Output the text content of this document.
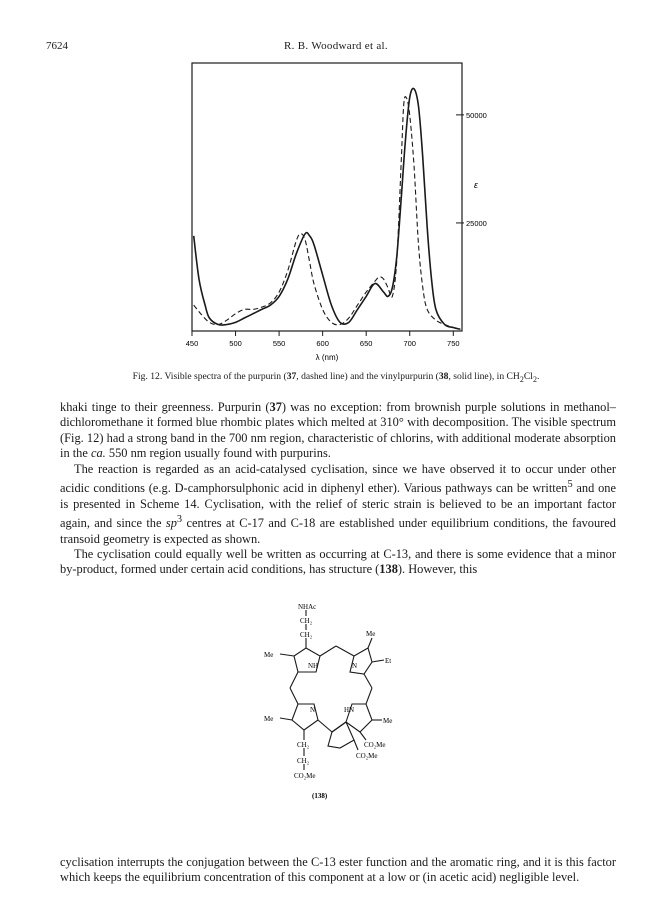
7624	R. B. Woodward et al.
450	500	550	600	650	700	750
50000
25000
λ (nm)
ε
Fig. 12. Visible spectra of the purpurin (37, dashed line) and the vinylpurpurin (38, solid line), in $CH_2Cl_2$.

khaki tinge to their greenness. Purpurin (37) was no exception: from brownish purple solutions in methanol–dichloromethane it formed blue rhombic plates which melted at 310° with decomposition. The visible spectrum (Fig. 12) had a strong band in the 700 nm region, characteristic of chlorins, with additional moderate absorption in the ca. 550 nm region usually found with purpurins.

The reaction is regarded as an acid-catalysed cyclisation, since we have observed it to occur under other acidic conditions (e.g. D-camphorsulphonic acid in diphenyl ether). Various pathways can be written$^5$ and one is presented in Scheme 14. Cyclisation, with the relief of steric strain is believed to be an important factor again, and since the $sp^3$ centres at C-17 and C-18 are established under equilibrium conditions, the favoured transoid geometry is expected as shown.

The cyclisation could equally well be written as occurring at C-13, and there is some evidence that a minor by-product, formed under certain acid conditions, has structure (138). However, this

NHAc
CH₂
CH₂	Me
Me
Et
NH	N
N	HN
Me	Me
CO₂Me
CO₂Me
CH₂
CH₂
CO₂Me
(138)

cyclisation interrupts the conjugation between the C-13 ester function and the aromatic ring, and it is this factor which keeps the equilibrium concentration of this component at a low or (in acetic acid) negligible level.
